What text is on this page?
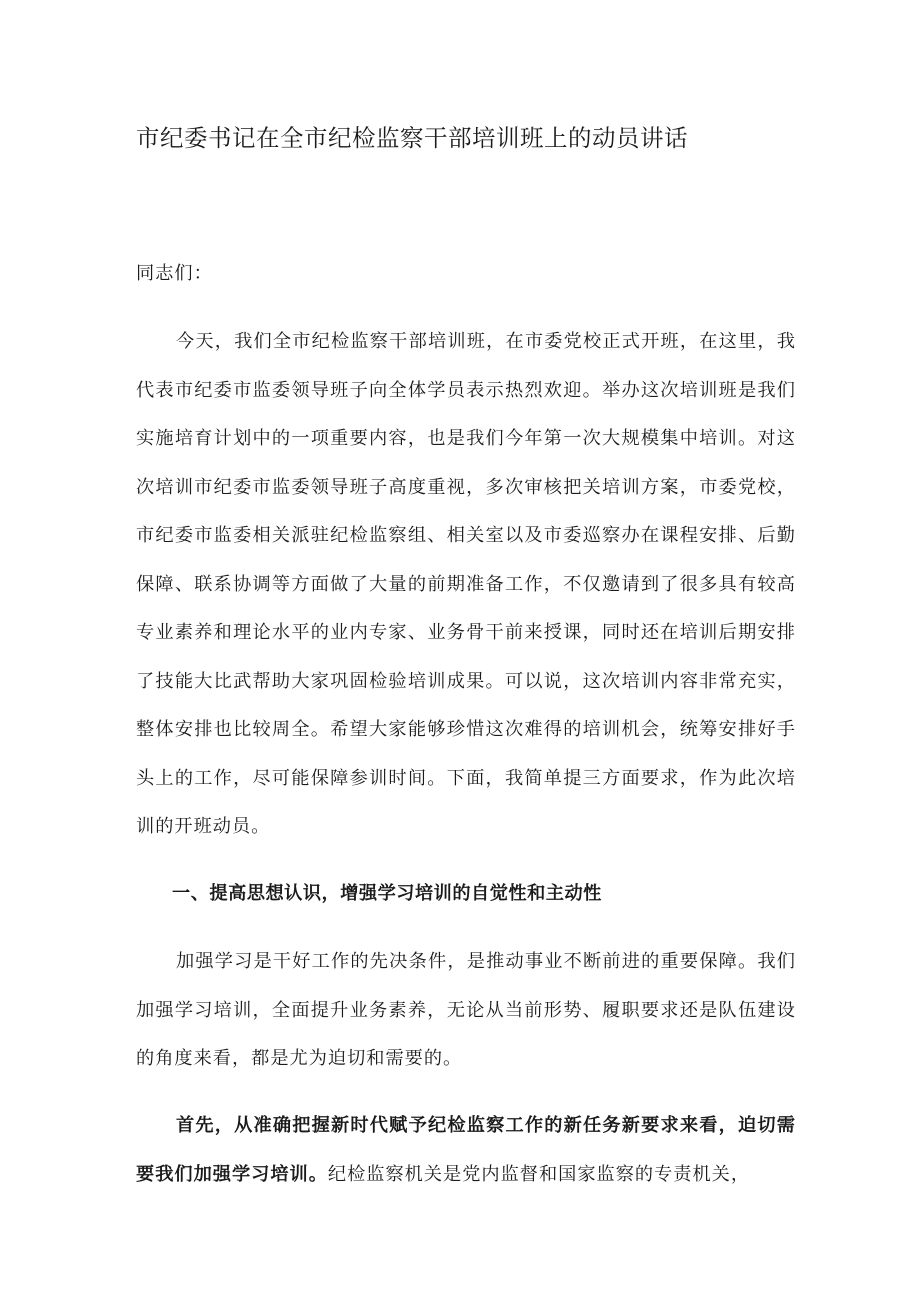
市纪委书记在全市纪检监察干部培训班上的动员讲话

同志们：

今天，我们全市纪检监察干部培训班，在市委党校正式开班，在这里，我代表市纪委市监委领导班子向全体学员表示热烈欢迎。举办这次培训班是我们实施培育计划中的一项重要内容，也是我们今年第一次大规模集中培训。对这次培训市纪委市监委领导班子高度重视，多次审核把关培训方案，市委党校，市纪委市监委相关派驻纪检监察组、相关室以及市委巡察办在课程安排、后勤保障、联系协调等方面做了大量的前期准备工作，不仅邀请到了很多具有较高专业素养和理论水平的业内专家、业务骨干前来授课，同时还在培训后期安排了技能大比武帮助大家巩固检验培训成果。可以说，这次培训内容非常充实，整体安排也比较周全。希望大家能够珍惜这次难得的培训机会，统筹安排好手头上的工作，尽可能保障参训时间。下面，我简单提三方面要求，作为此次培训的开班动员。

一、提高思想认识，增强学习培训的自觉性和主动性

加强学习是干好工作的先决条件，是推动事业不断前进的重要保障。我们加强学习培训，全面提升业务素养，无论从当前形势、履职要求还是队伍建设的角度来看，都是尤为迫切和需要的。

首先，从准确把握新时代赋予纪检监察工作的新任务新要求来看，迫切需要我们加强学习培训。纪检监察机关是党内监督和国家监察的专责机关，
